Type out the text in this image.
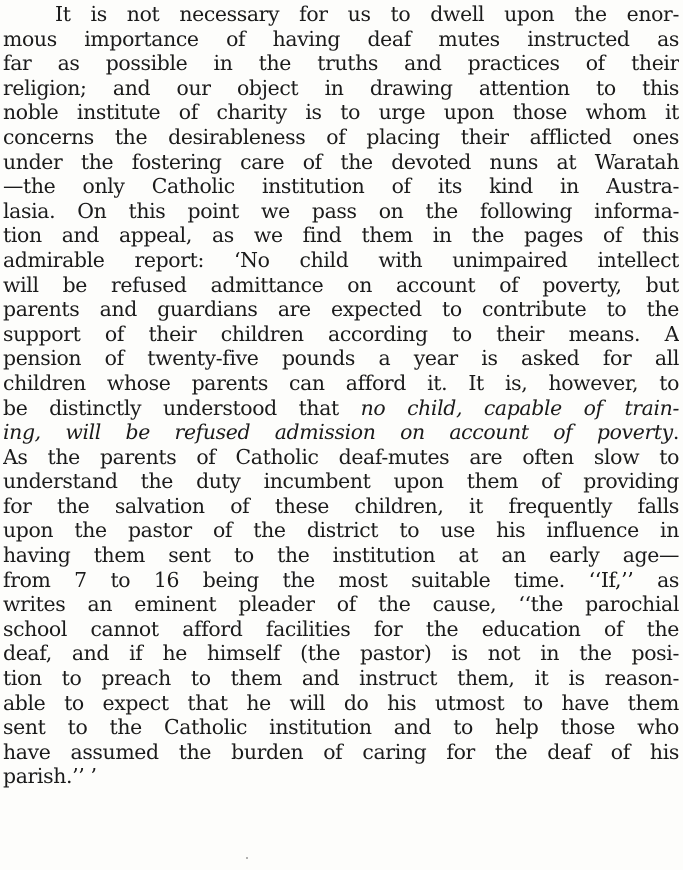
It is not necessary for us to dwell upon the enor-
mous importance of having deaf mutes instructed as
far as possible in the truths and practices of their
religion; and our object in drawing attention to this
noble institute of charity is to urge upon those whom it
concerns the desirableness of placing their afflicted ones
under the fostering care of the devoted nuns at Waratah
—the only Catholic institution of its kind in Austra-
lasia. On this point we pass on the following informa-
tion and appeal, as we find them in the pages of this
admirable report: ‘No child with unimpaired intellect
will be refused admittance on account of poverty, but
parents and guardians are expected to contribute to the
support of their children according to their means. A
pension of twenty-five pounds a year is asked for all
children whose parents can afford it. It is, however, to
be distinctly understood that no child, capable of train-
ing, will be refused admission on account of poverty.
As the parents of Catholic deaf-mutes are often slow to
understand the duty incumbent upon them of providing
for the salvation of these children, it frequently falls
upon the pastor of the district to use his influence in
having them sent to the institution at an early age—
from 7 to 16 being the most suitable time. ‘‘If,’’ as
writes an eminent pleader of the cause, ‘‘the parochial
school cannot afford facilities for the education of the
deaf, and if he himself (the pastor) is not in the posi-
tion to preach to them and instruct them, it is reason-
able to expect that he will do his utmost to have them
sent to the Catholic institution and to help those who
have assumed the burden of caring for the deaf of his
parish.’’ ’
